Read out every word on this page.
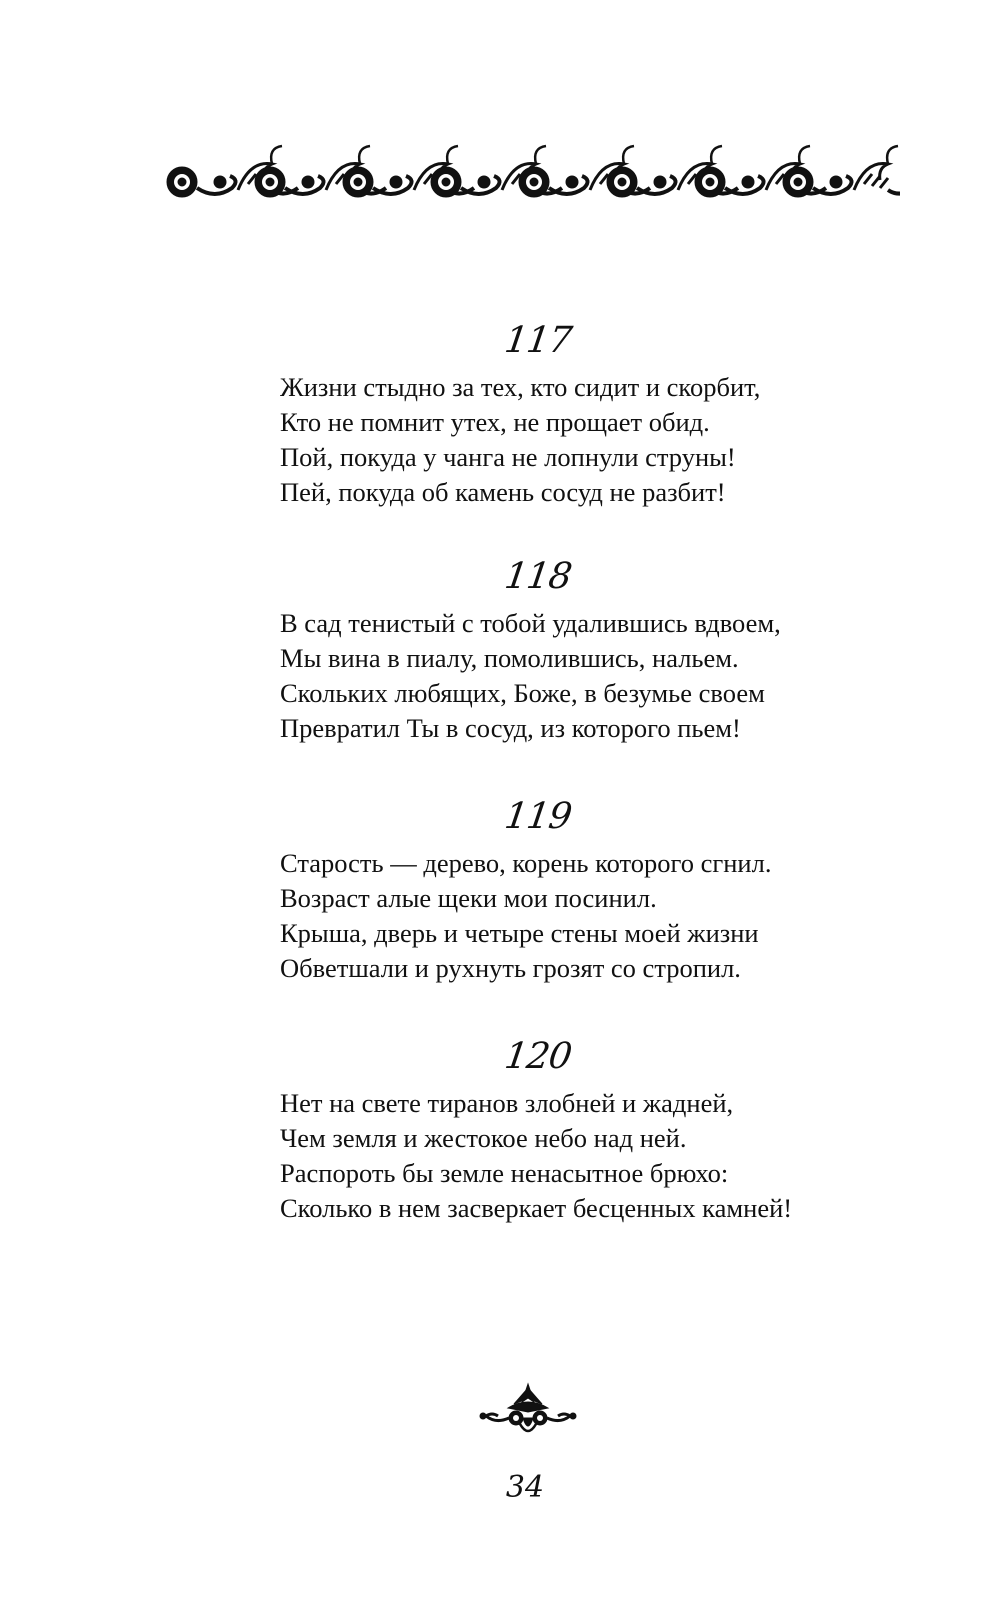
117
Жизни стыдно за тех, кто сидит и скорбит,
Кто не помнит утех, не прощает обид.
Пой, покуда у чанга не лопнули струны!
Пей, покуда об камень сосуд не разбит!
118
В сад тенистый с тобой удалившись вдвоем,
Мы вина в пиалу, помолившись, нальем.
Скольких любящих, Боже, в безумье своем
Превратил Ты в сосуд, из которого пьем!
119
Старость — дерево, корень которого сгнил.
Возраст алые щеки мои посинил.
Крыша, дверь и четыре стены моей жизни
Обветшали и рухнуть грозят со стропил.
120
Нет на свете тиранов злобней и жадней,
Чем земля и жестокое небо над ней.
Распороть бы земле ненасытное брюхо:
Сколько в нем засверкает бесценных камней!
34
